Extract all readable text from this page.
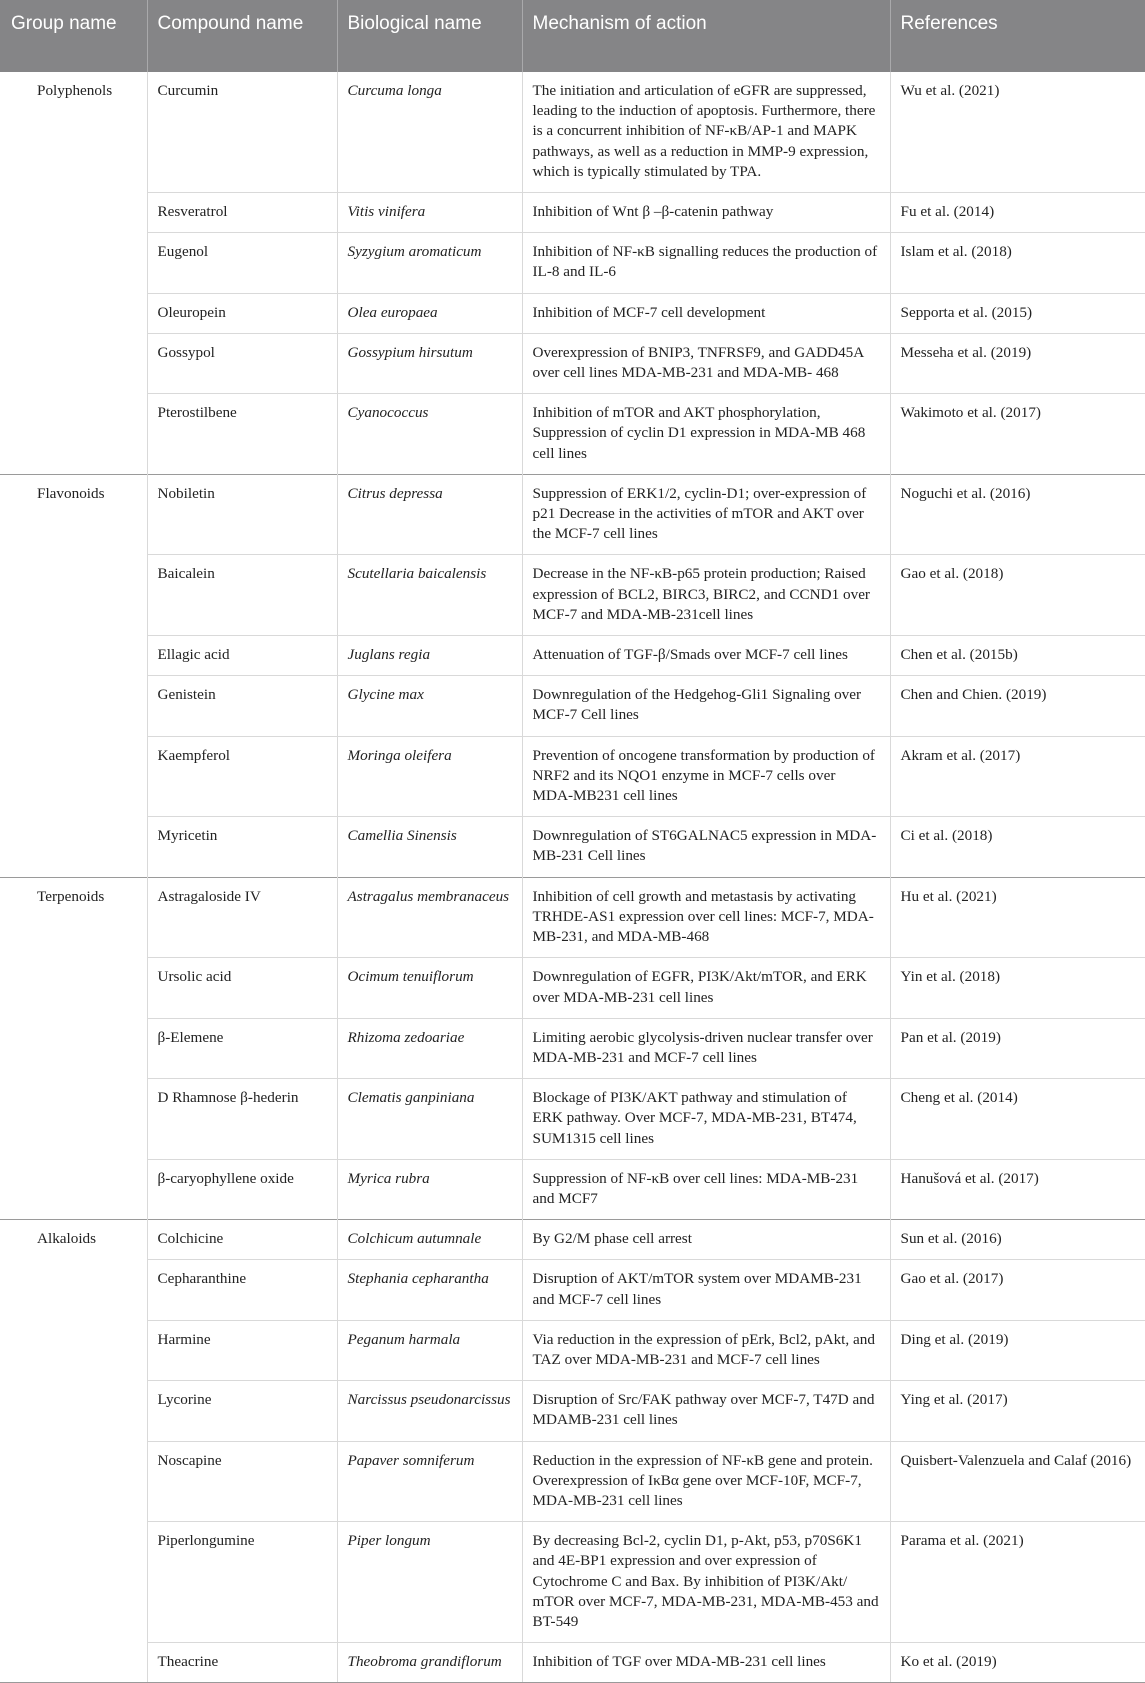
Group name	Compound name	Biological name	Mechanism of action	References
Polyphenols	Curcumin	Curcuma longa	The initiation and articulation of eGFR are suppressed, leading to the induction of apoptosis. Furthermore, there is a concurrent inhibition of NF-κB/AP-1 and MAPK pathways, as well as a reduction in MMP-9 expression, which is typically stimulated by TPA.	Wu et al. (2021)
	Resveratrol	Vitis vinifera	Inhibition of Wnt β –β-catenin pathway	Fu et al. (2014)
	Eugenol	Syzygium aromaticum	Inhibition of NF-κB signalling reduces the production of IL-8 and IL-6	Islam et al. (2018)
	Oleuropein	Olea europaea	Inhibition of MCF-7 cell development	Sepporta et al. (2015)
	Gossypol	Gossypium hirsutum	Overexpression of BNIP3, TNFRSF9, and GADD45A over cell lines MDA-MB-231 and MDA-MB- 468	Messeha et al. (2019)
	Pterostilbene	Cyanococcus	Inhibition of mTOR and AKT phosphorylation, Suppression of cyclin D1 expression in MDA-MB 468 cell lines	Wakimoto et al. (2017)
Flavonoids	Nobiletin	Citrus depressa	Suppression of ERK1/2, cyclin-D1; over-expression of p21 Decrease in the activities of mTOR and AKT over the MCF-7 cell lines	Noguchi et al. (2016)
	Baicalein	Scutellaria baicalensis	Decrease in the NF-κB-p65 protein production; Raised expression of BCL2, BIRC3, BIRC2, and CCND1 over MCF-7 and MDA-MB-231cell lines	Gao et al. (2018)
	Ellagic acid	Juglans regia	Attenuation of TGF-β/Smads over MCF-7 cell lines	Chen et al. (2015b)
	Genistein	Glycine max	Downregulation of the Hedgehog-Gli1 Signaling over MCF-7 Cell lines	Chen and Chien. (2019)
	Kaempferol	Moringa oleifera	Prevention of oncogene transformation by production of NRF2 and its NQO1 enzyme in MCF-7 cells over MDA-MB231 cell lines	Akram et al. (2017)
	Myricetin	Camellia Sinensis	Downregulation of ST6GALNAC5 expression in MDA-MB-231 Cell lines	Ci et al. (2018)
Terpenoids	Astragaloside IV	Astragalus membranaceus	Inhibition of cell growth and metastasis by activating TRHDE-AS1 expression over cell lines: MCF-7, MDA-MB-231, and MDA-MB-468	Hu et al. (2021)
	Ursolic acid	Ocimum tenuiflorum	Downregulation of EGFR, PI3K/Akt/mTOR, and ERK over MDA-MB-231 cell lines	Yin et al. (2018)
	β-Elemene	Rhizoma zedoariae	Limiting aerobic glycolysis-driven nuclear transfer over MDA-MB-231 and MCF-7 cell lines	Pan et al. (2019)
	D Rhamnose β-hederin	Clematis ganpiniana	Blockage of PI3K/AKT pathway and stimulation of ERK pathway. Over MCF-7, MDA-MB-231, BT474, SUM1315 cell lines	Cheng et al. (2014)
	β-caryophyllene oxide	Myrica rubra	Suppression of NF-κB over cell lines: MDA-MB-231 and MCF7	Hanušová et al. (2017)
Alkaloids	Colchicine	Colchicum autumnale	By G2/M phase cell arrest	Sun et al. (2016)
	Cepharanthine	Stephania cepharantha	Disruption of AKT/mTOR system over MDAMB-231 and MCF-7 cell lines	Gao et al. (2017)
	Harmine	Peganum harmala	Via reduction in the expression of pErk, Bcl2, pAkt, and TAZ over MDA-MB-231 and MCF-7 cell lines	Ding et al. (2019)
	Lycorine	Narcissus pseudonarcissus	Disruption of Src/FAK pathway over MCF-7, T47D and MDAMB-231 cell lines	Ying et al. (2017)
	Noscapine	Papaver somniferum	Reduction in the expression of NF-κB gene and protein. Overexpression of IκBα gene over MCF-10F, MCF-7, MDA-MB-231 cell lines	Quisbert-Valenzuela and Calaf (2016)
	Piperlongumine	Piper longum	By decreasing Bcl-2, cyclin D1, p-Akt, p53, p70S6K1 and 4E-BP1 expression and over expression of Cytochrome C and Bax. By inhibition of PI3K/Akt/ mTOR over MCF-7, MDA-MB-231, MDA-MB-453 and BT-549	Parama et al. (2021)
	Theacrine	Theobroma grandiflorum	Inhibition of TGF over MDA-MB-231 cell lines	Ko et al. (2019)
